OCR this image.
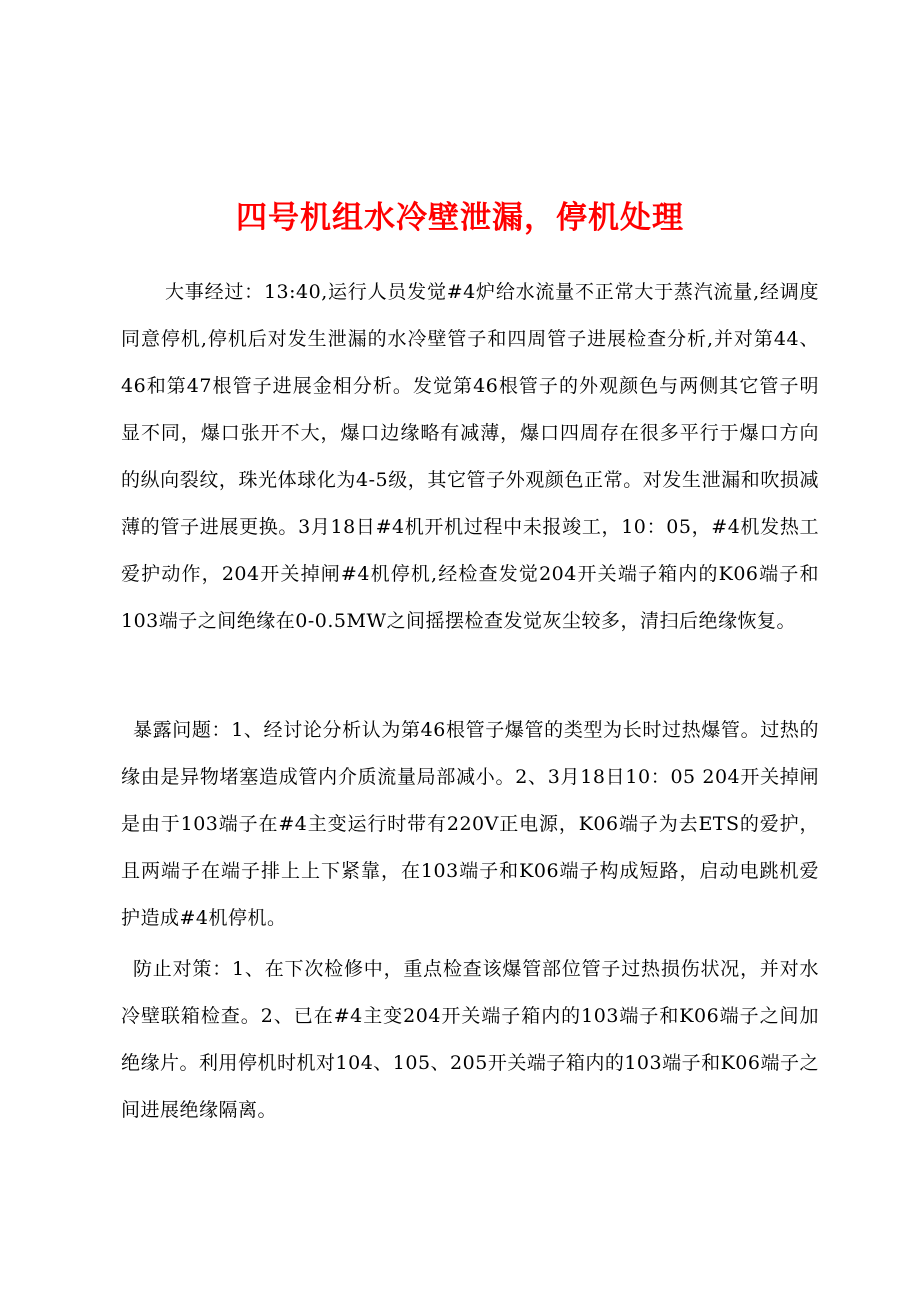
四号机组水冷壁泄漏，停机处理

大事经过：13:40,运行人员发觉#4炉给水流量不正常大于蒸汽流量,经调度同意停机,停机后对发生泄漏的水冷壁管子和四周管子进展检查分析,并对第44、46和第47根管子进展金相分析。发觉第46根管子的外观颜色与两侧其它管子明显不同，爆口张开不大，爆口边缘略有减薄，爆口四周存在很多平行于爆口方向的纵向裂纹，珠光体球化为4-5级，其它管子外观颜色正常。对发生泄漏和吹损减薄的管子进展更换。3月18日#4机开机过程中未报竣工，10：05，#4机发热工爱护动作，204开关掉闸#4机停机,经检查发觉204开关端子箱内的K06端子和103端子之间绝缘在0-0.5MW之间摇摆检查发觉灰尘较多，清扫后绝缘恢复。

暴露问题：1、经讨论分析认为第46根管子爆管的类型为长时过热爆管。过热的缘由是异物堵塞造成管内介质流量局部减小。2、3月18日10：05 204开关掉闸是由于103端子在#4主变运行时带有220V正电源，K06端子为去ETS的爱护，且两端子在端子排上上下紧靠，在103端子和K06端子构成短路，启动电跳机爱护造成#4机停机。

防止对策：1、在下次检修中，重点检查该爆管部位管子过热损伤状况，并对水冷壁联箱检查。2、已在#4主变204开关端子箱内的103端子和K06端子之间加绝缘片。利用停机时机对104、105、205开关端子箱内的103端子和K06端子之间进展绝缘隔离。
